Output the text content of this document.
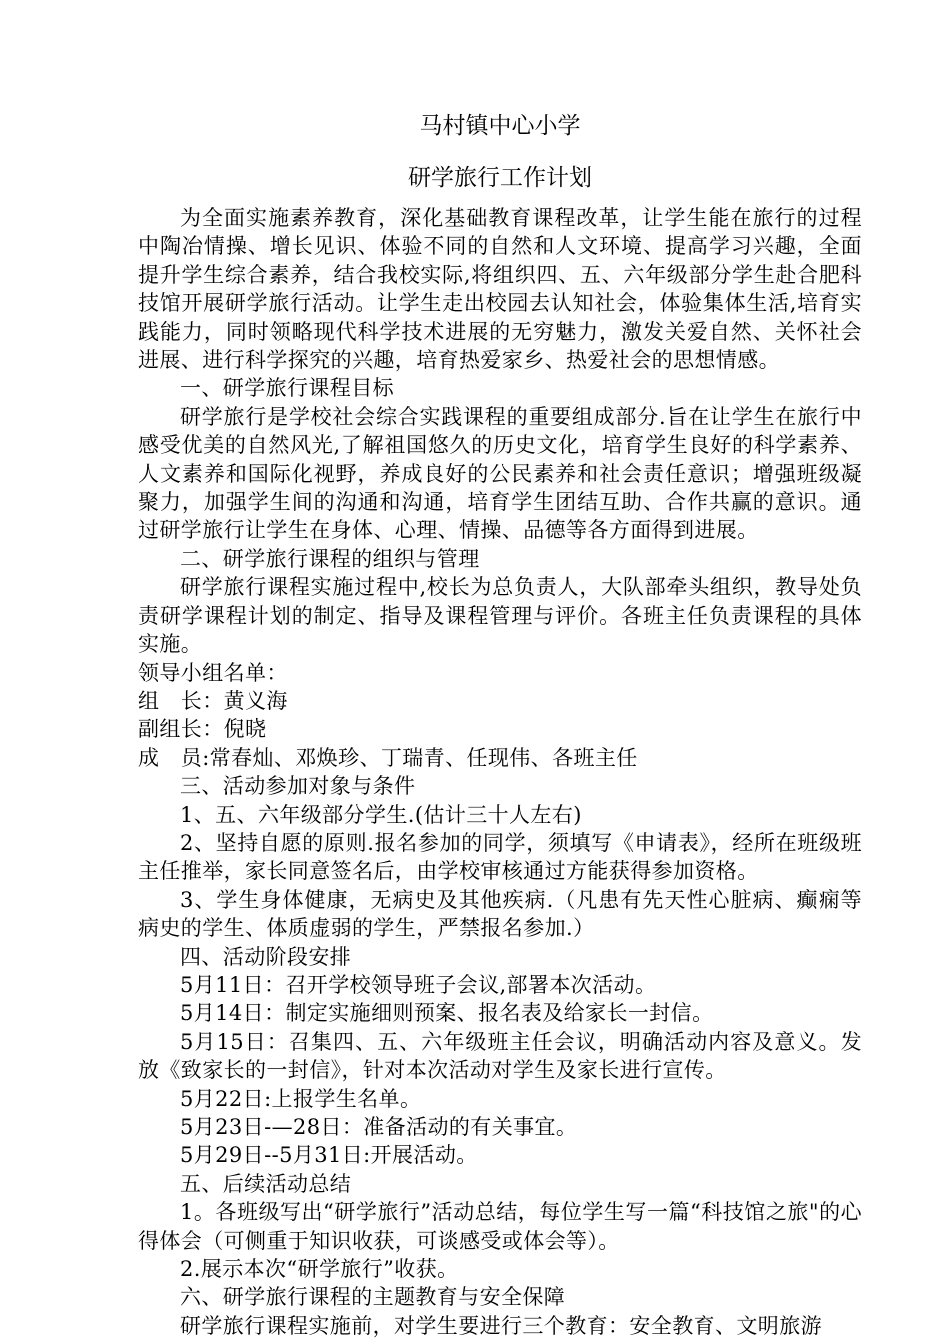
马村镇中心小学

研学旅行工作计划

为全面实施素养教育，深化基础教育课程改革，让学生能在旅行的过程中陶冶情操、增长见识、体验不同的自然和人文环境、提高学习兴趣，全面提升学生综合素养，结合我校实际,将组织四、五、六年级部分学生赴合肥科技馆开展研学旅行活动。让学生走出校园去认知社会，体验集体生活,培育实践能力，同时领略现代科学技术进展的无穷魅力，激发关爱自然、关怀社会进展、进行科学探究的兴趣，培育热爱家乡、热爱社会的思想情感。

一、研学旅行课程目标

研学旅行是学校社会综合实践课程的重要组成部分.旨在让学生在旅行中感受优美的自然风光,了解祖国悠久的历史文化，培育学生良好的科学素养、人文素养和国际化视野，养成良好的公民素养和社会责任意识；增强班级凝聚力，加强学生间的沟通和沟通，培育学生团结互助、合作共赢的意识。通过研学旅行让学生在身体、心理、情操、品德等各方面得到进展。

二、研学旅行课程的组织与管理

研学旅行课程实施过程中,校长为总负责人，大队部牵头组织，教导处负责研学课程计划的制定、指导及课程管理与评价。各班主任负责课程的具体实施。

领导小组名单：

组　长：黄义海

副组长：倪晓

成　员:常春灿、邓焕珍、丁瑞青、任现伟、各班主任

三、活动参加对象与条件

1、五、六年级部分学生.(估计三十人左右)

2、坚持自愿的原则.报名参加的同学，须填写《申请表》，经所在班级班主任推举，家长同意签名后，由学校审核通过方能获得参加资格。

3、学生身体健康，无病史及其他疾病.（凡患有先天性心脏病、癫痫等病史的学生、体质虚弱的学生，严禁报名参加.）

四、活动阶段安排

5月11日：召开学校领导班子会议,部署本次活动。

5月14日：制定实施细则预案、报名表及给家长一封信。

5月15日：召集四、五、六年级班主任会议，明确活动内容及意义。发放《致家长的一封信》，针对本次活动对学生及家长进行宣传。

5月22日:上报学生名单。

5月23日-—28日：准备活动的有关事宜。

5月29日--5月31日:开展活动。

五、后续活动总结

1。各班级写出“研学旅行”活动总结，每位学生写一篇“科技馆之旅"的心得体会（可侧重于知识收获，可谈感受或体会等）。

2.展示本次“研学旅行”收获。

六、研学旅行课程的主题教育与安全保障

研学旅行课程实施前，对学生要进行三个教育：安全教育、文明旅游
